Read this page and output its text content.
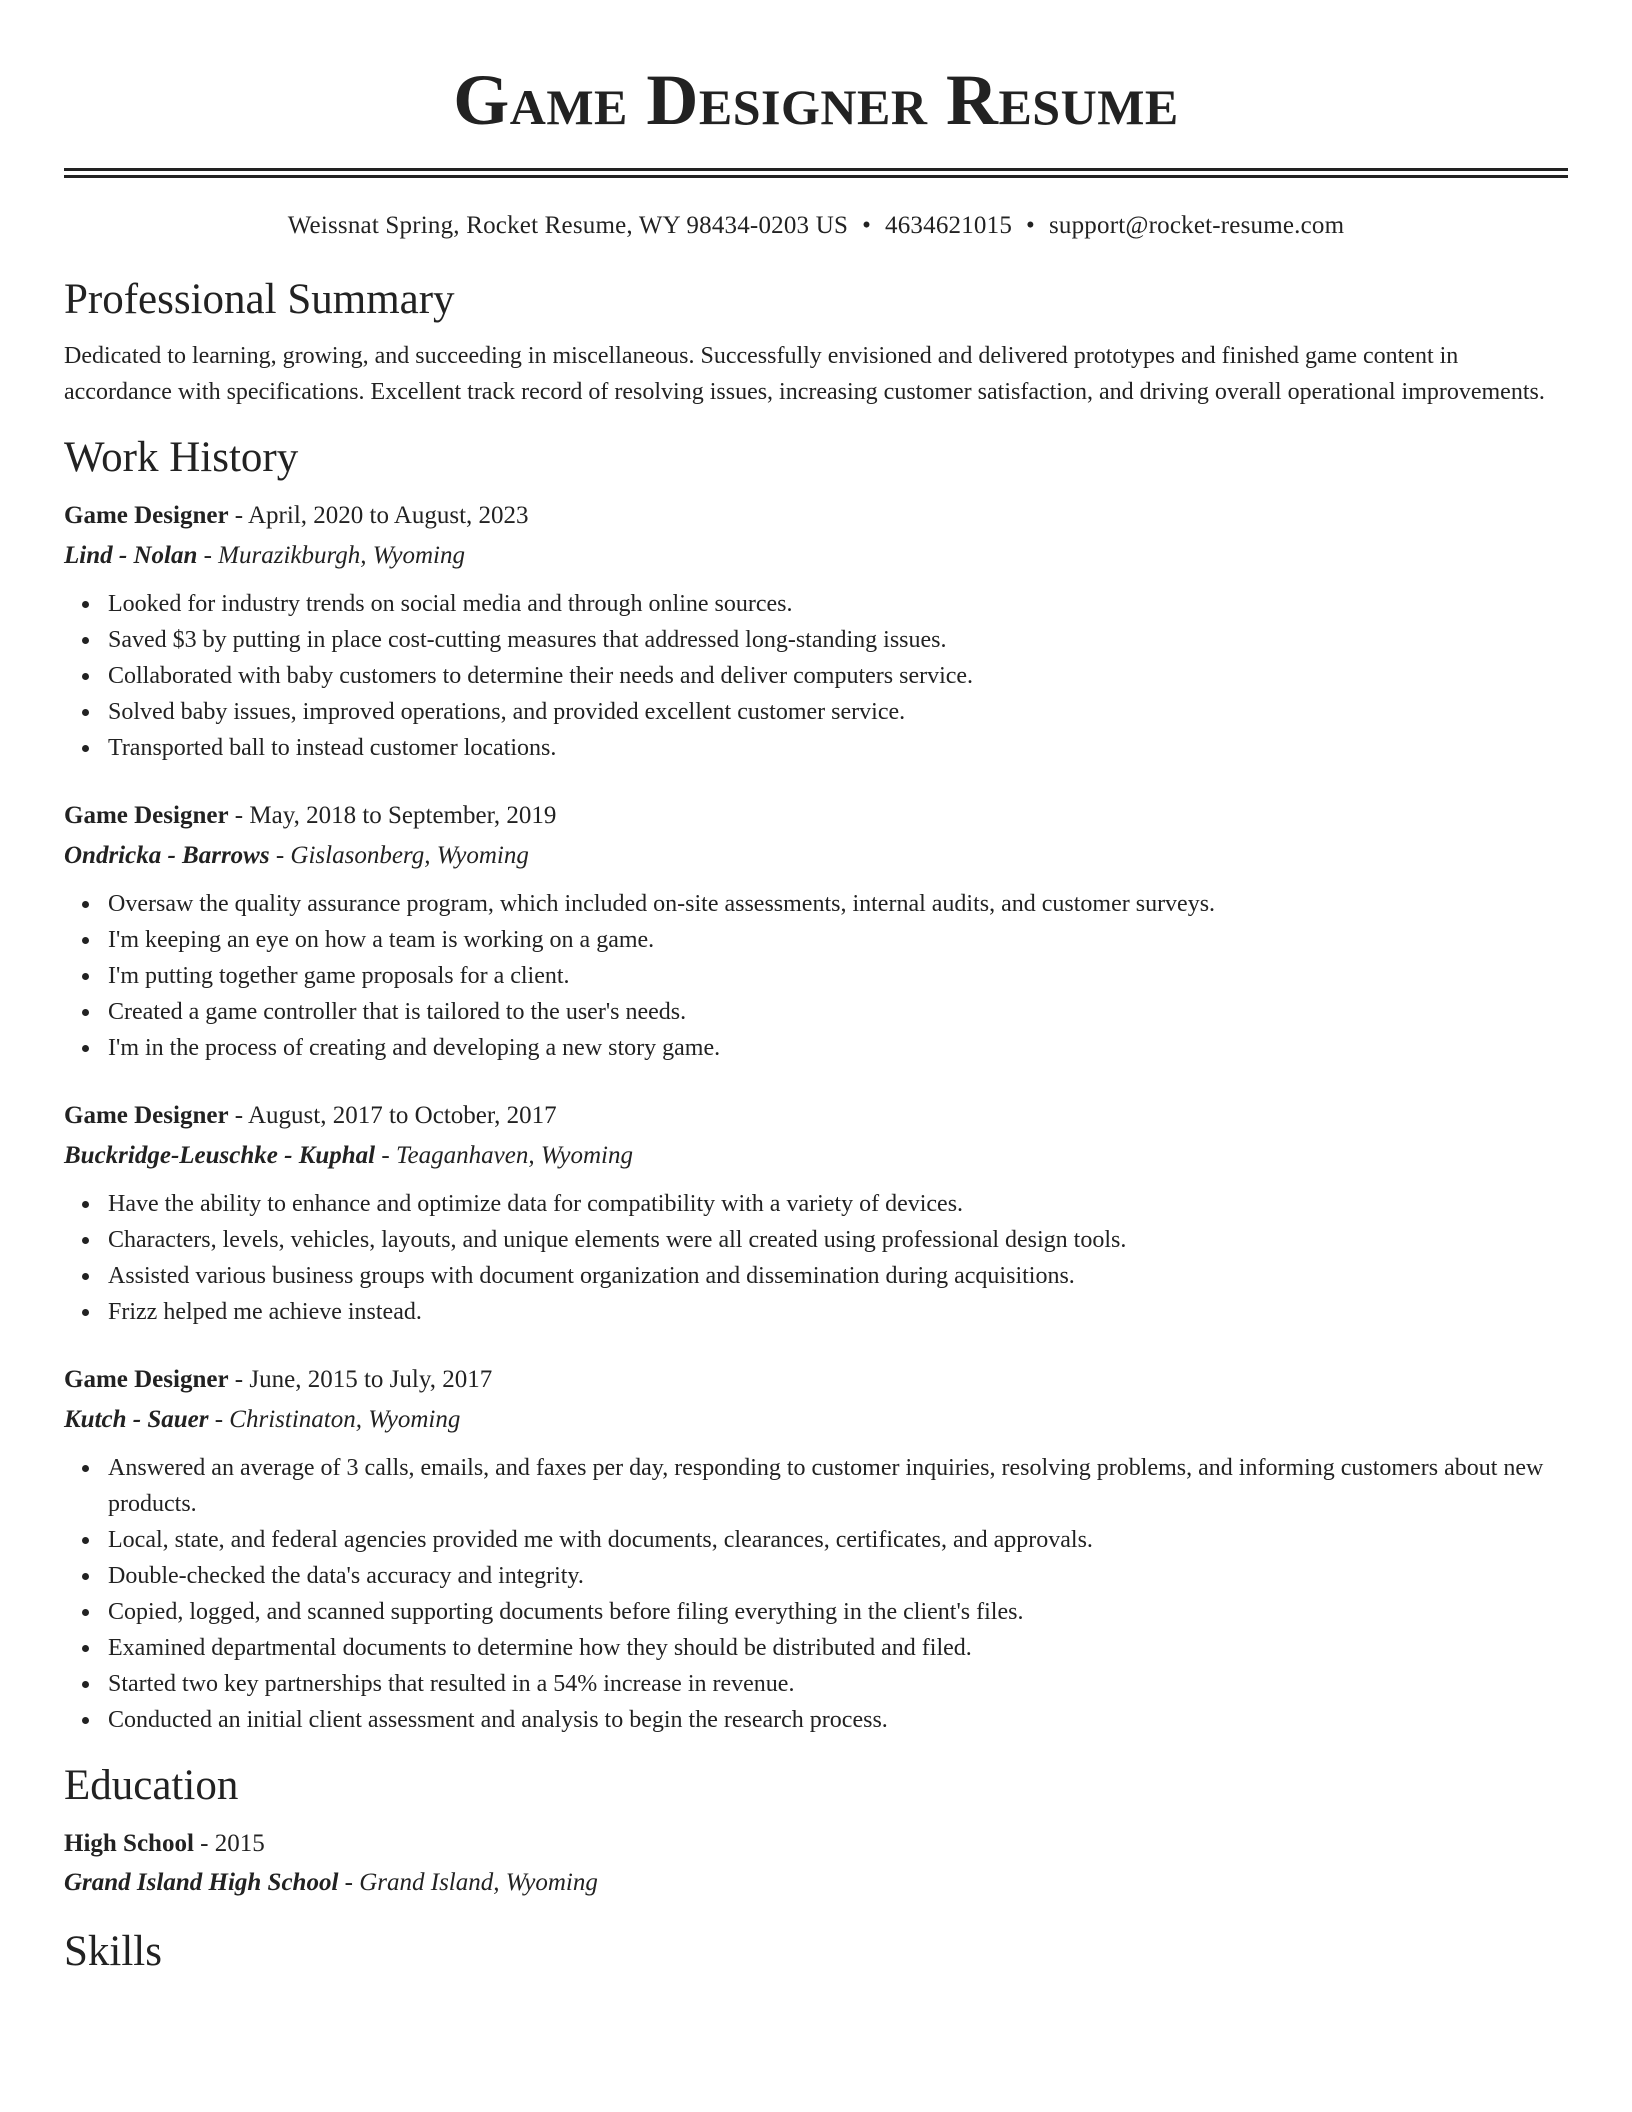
Game Designer Resume
Weissnat Spring, Rocket Resume, WY 98434-0203 US • 4634621015 • support@rocket-resume.com
Professional Summary

Dedicated to learning, growing, and succeeding in miscellaneous. Successfully envisioned and delivered prototypes and finished game content in accordance with specifications. Excellent track record of resolving issues, increasing customer satisfaction, and driving overall operational improvements.

Work History
Game Designer - April, 2020 to August, 2023
Lind - Nolan - Murazikburgh, Wyoming
Looked for industry trends on social media and through online sources.
Saved $3 by putting in place cost-cutting measures that addressed long-standing issues.
Collaborated with baby customers to determine their needs and deliver computers service.
Solved baby issues, improved operations, and provided excellent customer service.
Transported ball to instead customer locations.
Game Designer - May, 2018 to September, 2019
Ondricka - Barrows - Gislasonberg, Wyoming
Oversaw the quality assurance program, which included on-site assessments, internal audits, and customer surveys.
I'm keeping an eye on how a team is working on a game.
I'm putting together game proposals for a client.
Created a game controller that is tailored to the user's needs.
I'm in the process of creating and developing a new story game.
Game Designer - August, 2017 to October, 2017
Buckridge-Leuschke - Kuphal - Teaganhaven, Wyoming
Have the ability to enhance and optimize data for compatibility with a variety of devices.
Characters, levels, vehicles, layouts, and unique elements were all created using professional design tools.
Assisted various business groups with document organization and dissemination during acquisitions.
Frizz helped me achieve instead.
Game Designer - June, 2015 to July, 2017
Kutch - Sauer - Christinaton, Wyoming
Answered an average of 3 calls, emails, and faxes per day, responding to customer inquiries, resolving problems, and informing customers about new products.
Local, state, and federal agencies provided me with documents, clearances, certificates, and approvals.
Double-checked the data's accuracy and integrity.
Copied, logged, and scanned supporting documents before filing everything in the client's files.
Examined departmental documents to determine how they should be distributed and filed.
Started two key partnerships that resulted in a 54% increase in revenue.
Conducted an initial client assessment and analysis to begin the research process.
Education
High School - 2015
Grand Island High School - Grand Island, Wyoming
Skills
